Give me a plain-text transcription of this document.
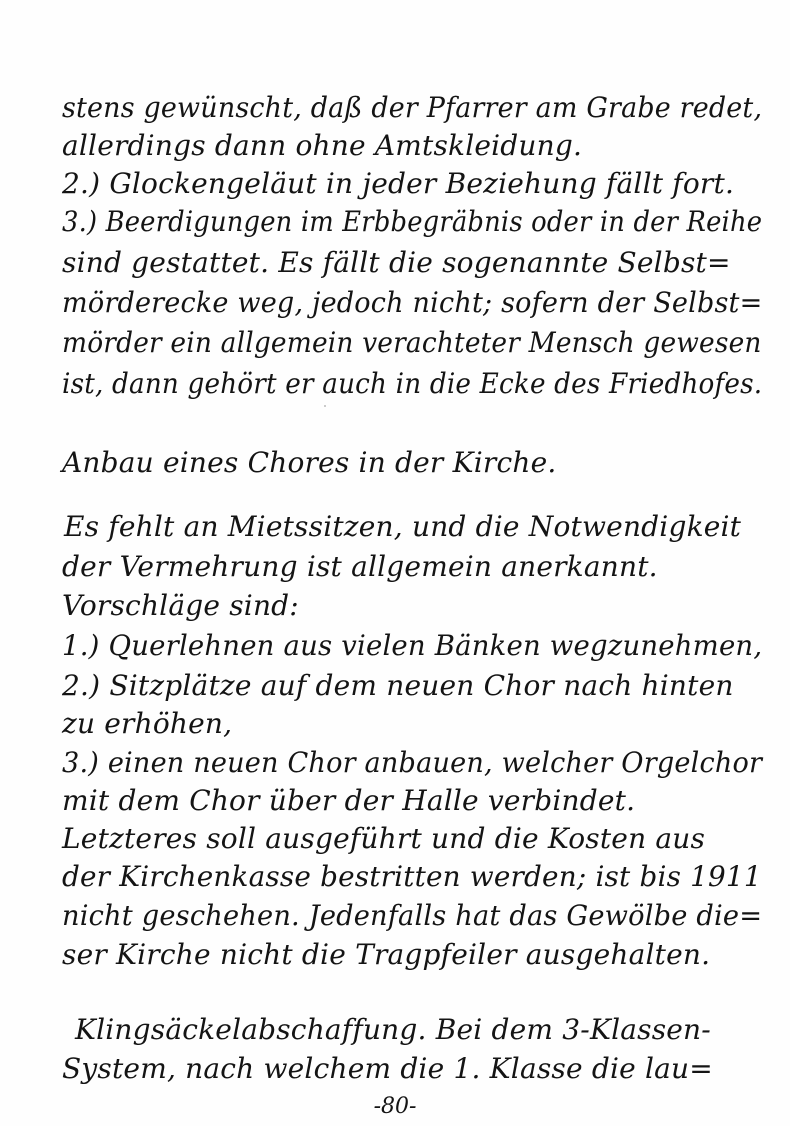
stens gewünscht, daß der Pfarrer am Grabe redet,
allerdings dann ohne Amtskleidung.
2.) Glockengeläut in jeder Beziehung fällt fort.
3.) Beerdigungen im Erbbegräbnis oder in der Reihe
sind gestattet. Es fällt die sogenannte Selbst=
mörderecke weg, jedoch nicht; sofern der Selbst=
mörder ein allgemein verachteter Mensch gewesen
ist, dann gehört er auch in die Ecke des Friedhofes.
Anbau eines Chores in der Kirche.
Es fehlt an Mietssitzen, und die Notwendigkeit
der Vermehrung ist allgemein anerkannt.
Vorschläge sind:
1.) Querlehnen aus vielen Bänken wegzunehmen,
2.) Sitzplätze auf dem neuen Chor nach hinten
zu erhöhen,
3.) einen neuen Chor anbauen, welcher Orgelchor
mit dem Chor über der Halle verbindet.
Letzteres soll ausgeführt und die Kosten aus
der Kirchenkasse bestritten werden; ist bis 1911
nicht geschehen. Jedenfalls hat das Gewölbe die=
ser Kirche nicht die Tragpfeiler ausgehalten.
Klingsäckelabschaffung. Bei dem 3-Klassen-
System, nach welchem die 1. Klasse die lau=
-80-
